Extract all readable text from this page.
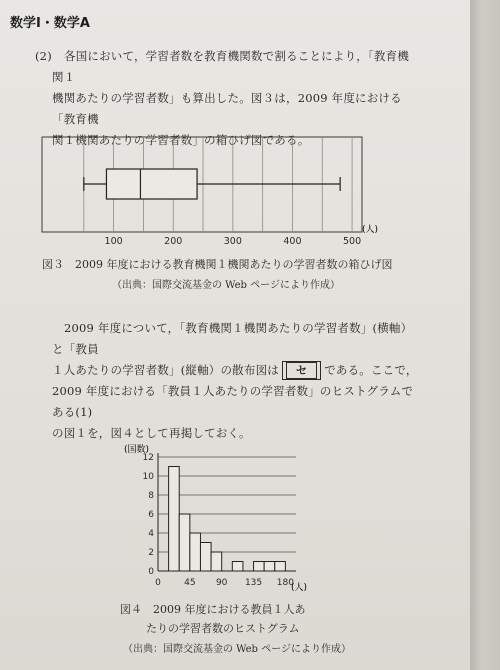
数学Ⅰ・数学A
(2)	各国において，学習者数を教育機関数で割ることにより，「教育機関１
機関あたりの学習者数」も算出した。図３は，2009 年度における「教育機
関１機関あたりの学習者数」の箱ひげ図である。
100	200	300	400	500
(人)
図３　2009 年度における教育機関１機関あたりの学習者数の箱ひげ図
（出典：国際交流基金の Web ページにより作成）
2009 年度について，「教育機関１機関あたりの学習者数」(横軸）と「教員
１人あたりの学習者数」(縦軸）の散布図は セ である。ここで，
2009 年度における「教員１人あたりの学習者数」のヒストグラムである(1)
の図１を，図４として再掲しておく。
0
2
4
6
8
10
12
0	45 90 135 180
(国数)
(人)
図４　2009 年度における教員１人あ
たりの学習者数のヒストグラム
（出典：国際交流基金の Web ページにより作成）
